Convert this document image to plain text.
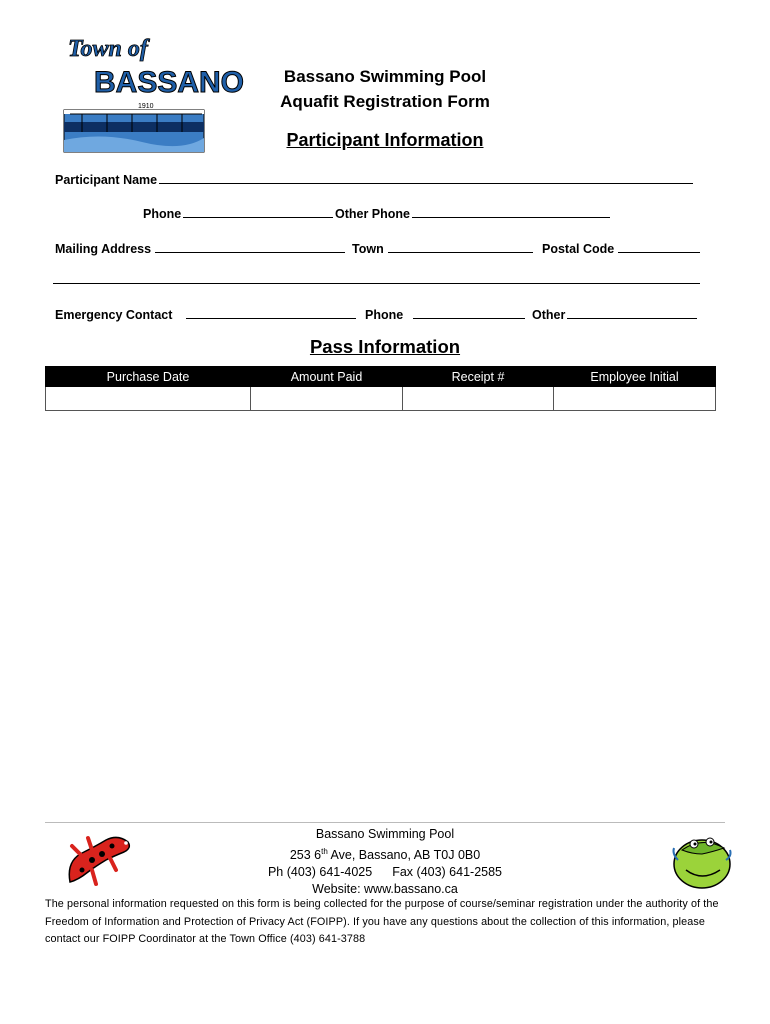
Town of
BASSANO
1910
Bassano Swimming Pool
Aquafit Registration Form
Participant Information
Participant Name
Phone	Other Phone
Mailing Address	Town	Postal Code
Emergency Contact	Phone	Other
Pass Information
Purchase Date	Amount Paid	Receipt #	Employee Initial

Bassano Swimming Pool
253 6th Ave, Bassano, AB T0J 0B0
Ph (403) 641-4025 Fax (403) 641-2585
Website: www.bassano.ca
The personal information requested on this form is being collected for the purpose of course/seminar registration under the authority of the Freedom of Information and Protection of Privacy Act (FOIPP). If you have any questions about the collection of this information, please contact our FOIPP Coordinator at the Town Office (403) 641-3788
